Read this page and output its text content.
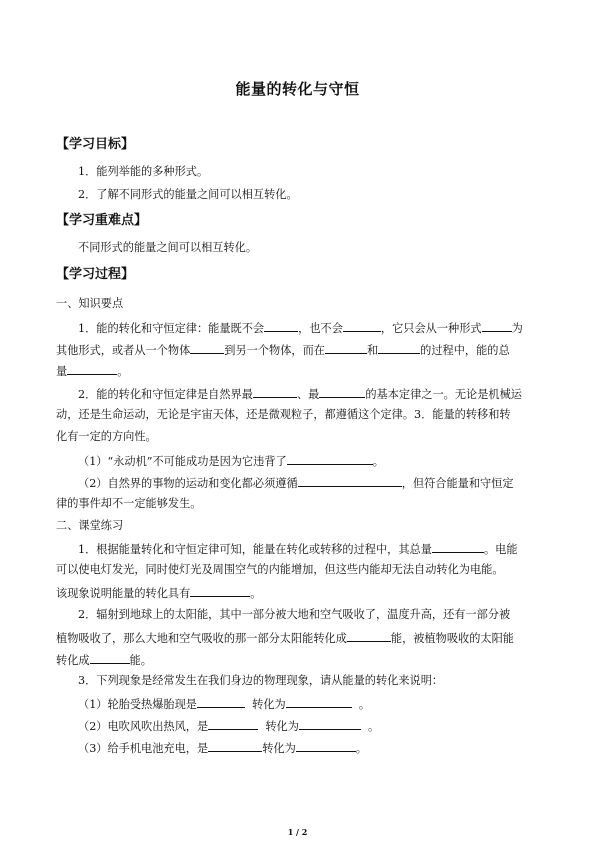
能量的转化与守恒
【学习目标】
1．能列举能的多种形式。
2．了解不同形式的能量之间可以相互转化。
【学习重难点】
不同形式的能量之间可以相互转化。
【学习过程】
一、知识要点
1．能的转化和守恒定律：能量既不会	，也不会	，它只会从一种形式	为
其他形式，或者从一个物体	到另一个物体，而在	和	的过程中，能的总
量	。
2．能的转化和守恒定律是自然界最	、最	的基本定律之一。无论是机械运
动，还是生命运动，无论是宇宙天体，还是微观粒子，都遵循这个定律。3．能量的转移和转
化有一定的方向性。
（1）“永动机”不可能成功是因为它违背了	。
（2）自然界的事物的运动和变化都必须遵循	，但符合能量和守恒定
律的事件却不一定能够发生。
二、课堂练习
1．根据能量转化和守恒定律可知，能量在转化或转移的过程中，其总量	。电能
可以使电灯发光，同时使灯光及周围空气的内能增加，但这些内能却无法自动转化为电能。
该现象说明能量的转化具有	。
2．辐射到地球上的太阳能，其中一部分被大地和空气吸收了，温度升高，还有一部分被
植物吸收了，那么大地和空气吸收的那一部分太阳能转化成	能，被植物吸收的太阳能
转化成	能。
3．下列现象是经常发生在我们身边的物理现象，请从能量的转化来说明：
（1）轮胎受热爆胎现是	转化为	。
（2）电吹风吹出热风，是	转化为	。
（3）给手机电池充电，是	转化为	。
1 / 2
